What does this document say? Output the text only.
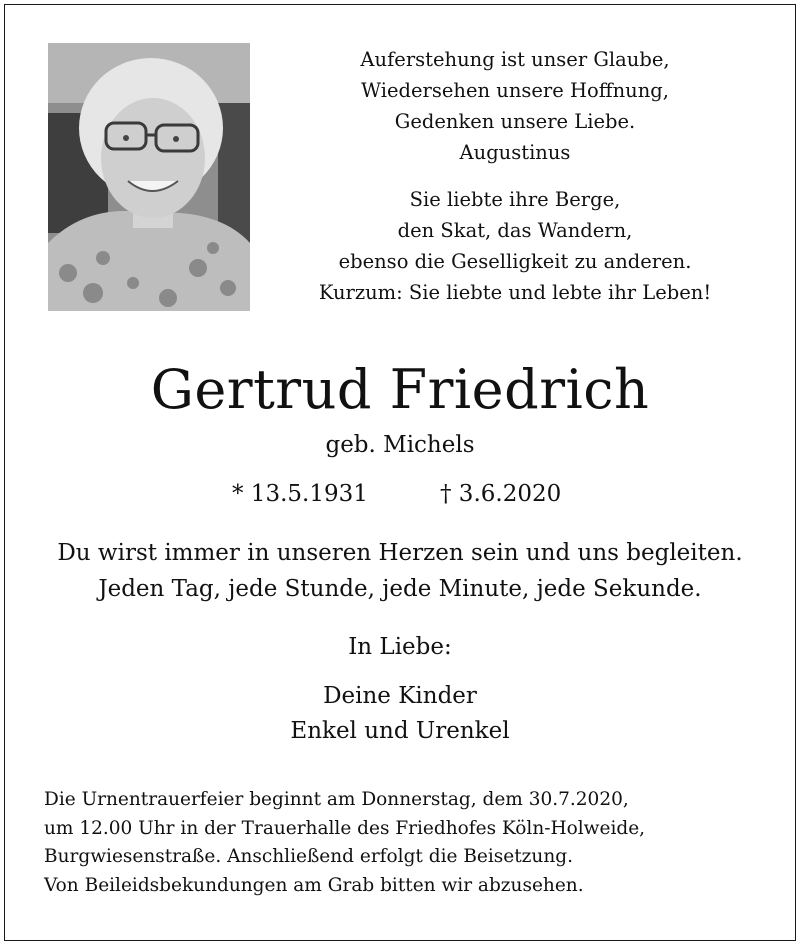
Auferstehung ist unser Glaube,
Wiedersehen unsere Hoffnung,
Gedenken unsere Liebe.
Augustinus
Sie liebte ihre Berge,
den Skat, das Wandern,
ebenso die Geselligkeit zu anderen.
Kurzum: Sie liebte und lebte ihr Leben!
Gertrud Friedrich
geb. Michels
* 13.5.1931	† 3.6.2020
Du wirst immer in unseren Herzen sein und uns begleiten.
Jeden Tag, jede Stunde, jede Minute, jede Sekunde.
In Liebe:
Deine Kinder
Enkel und Urenkel
Die Urnentrauerfeier beginnt am Donnerstag, dem 30.7.2020,
um 12.00 Uhr in der Trauerhalle des Friedhofes Köln-Holweide,
Burgwiesenstraße. Anschließend erfolgt die Beisetzung.
Von Beileidsbekundungen am Grab bitten wir abzusehen.
